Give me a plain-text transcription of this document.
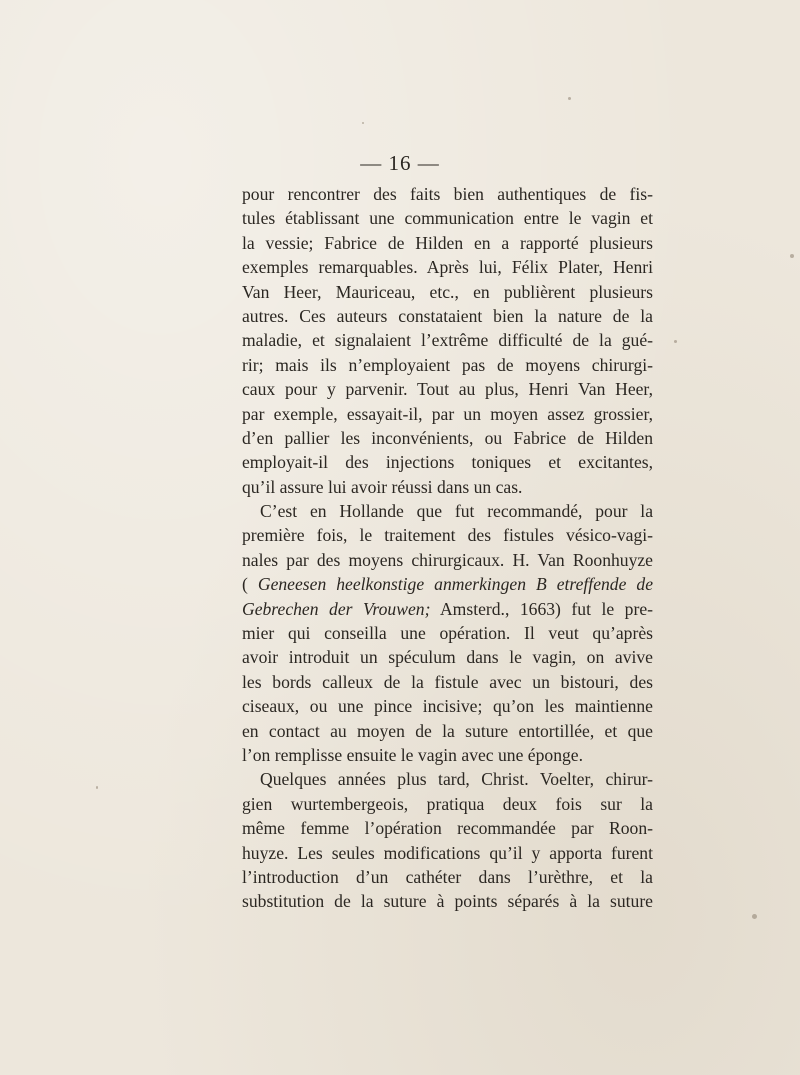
— 16 —
pour rencontrer des faits bien authentiques de fis-
tules établissant une communication entre le vagin et
la vessie; Fabrice de Hilden en a rapporté plusieurs
exemples remarquables. Après lui, Félix Plater, Henri
Van Heer, Mauriceau, etc., en publièrent plusieurs
autres. Ces auteurs constataient bien la nature de la
maladie, et signalaient l’extrême difficulté de la gué-
rir; mais ils n’employaient pas de moyens chirurgi-
caux pour y parvenir. Tout au plus, Henri Van Heer,
par exemple, essayait-il, par un moyen assez grossier,
d’en pallier les inconvénients, ou Fabrice de Hilden
employait-il des injections toniques et excitantes,
qu’il assure lui avoir réussi dans un cas.
C’est en Hollande que fut recommandé, pour la
première fois, le traitement des fistules vésico-vagi-
nales par des moyens chirurgicaux. H. Van Roonhuyze
( Geneesen heelkonstige anmerkingen B etreffende de
Gebrechen der Vrouwen; Amsterd., 1663) fut le pre-
mier qui conseilla une opération. Il veut qu’après
avoir introduit un spéculum dans le vagin, on avive
les bords calleux de la fistule avec un bistouri, des
ciseaux, ou une pince incisive; qu’on les maintienne
en contact au moyen de la suture entortillée, et que
l’on remplisse ensuite le vagin avec une éponge.
Quelques années plus tard, Christ. Voelter, chirur-
gien wurtembergeois, pratiqua deux fois sur la
même femme l’opération recommandée par Roon-
huyze. Les seules modifications qu’il y apporta furent
l’introduction d’un cathéter dans l’urèthre, et la
substitution de la suture à points séparés à la suture
